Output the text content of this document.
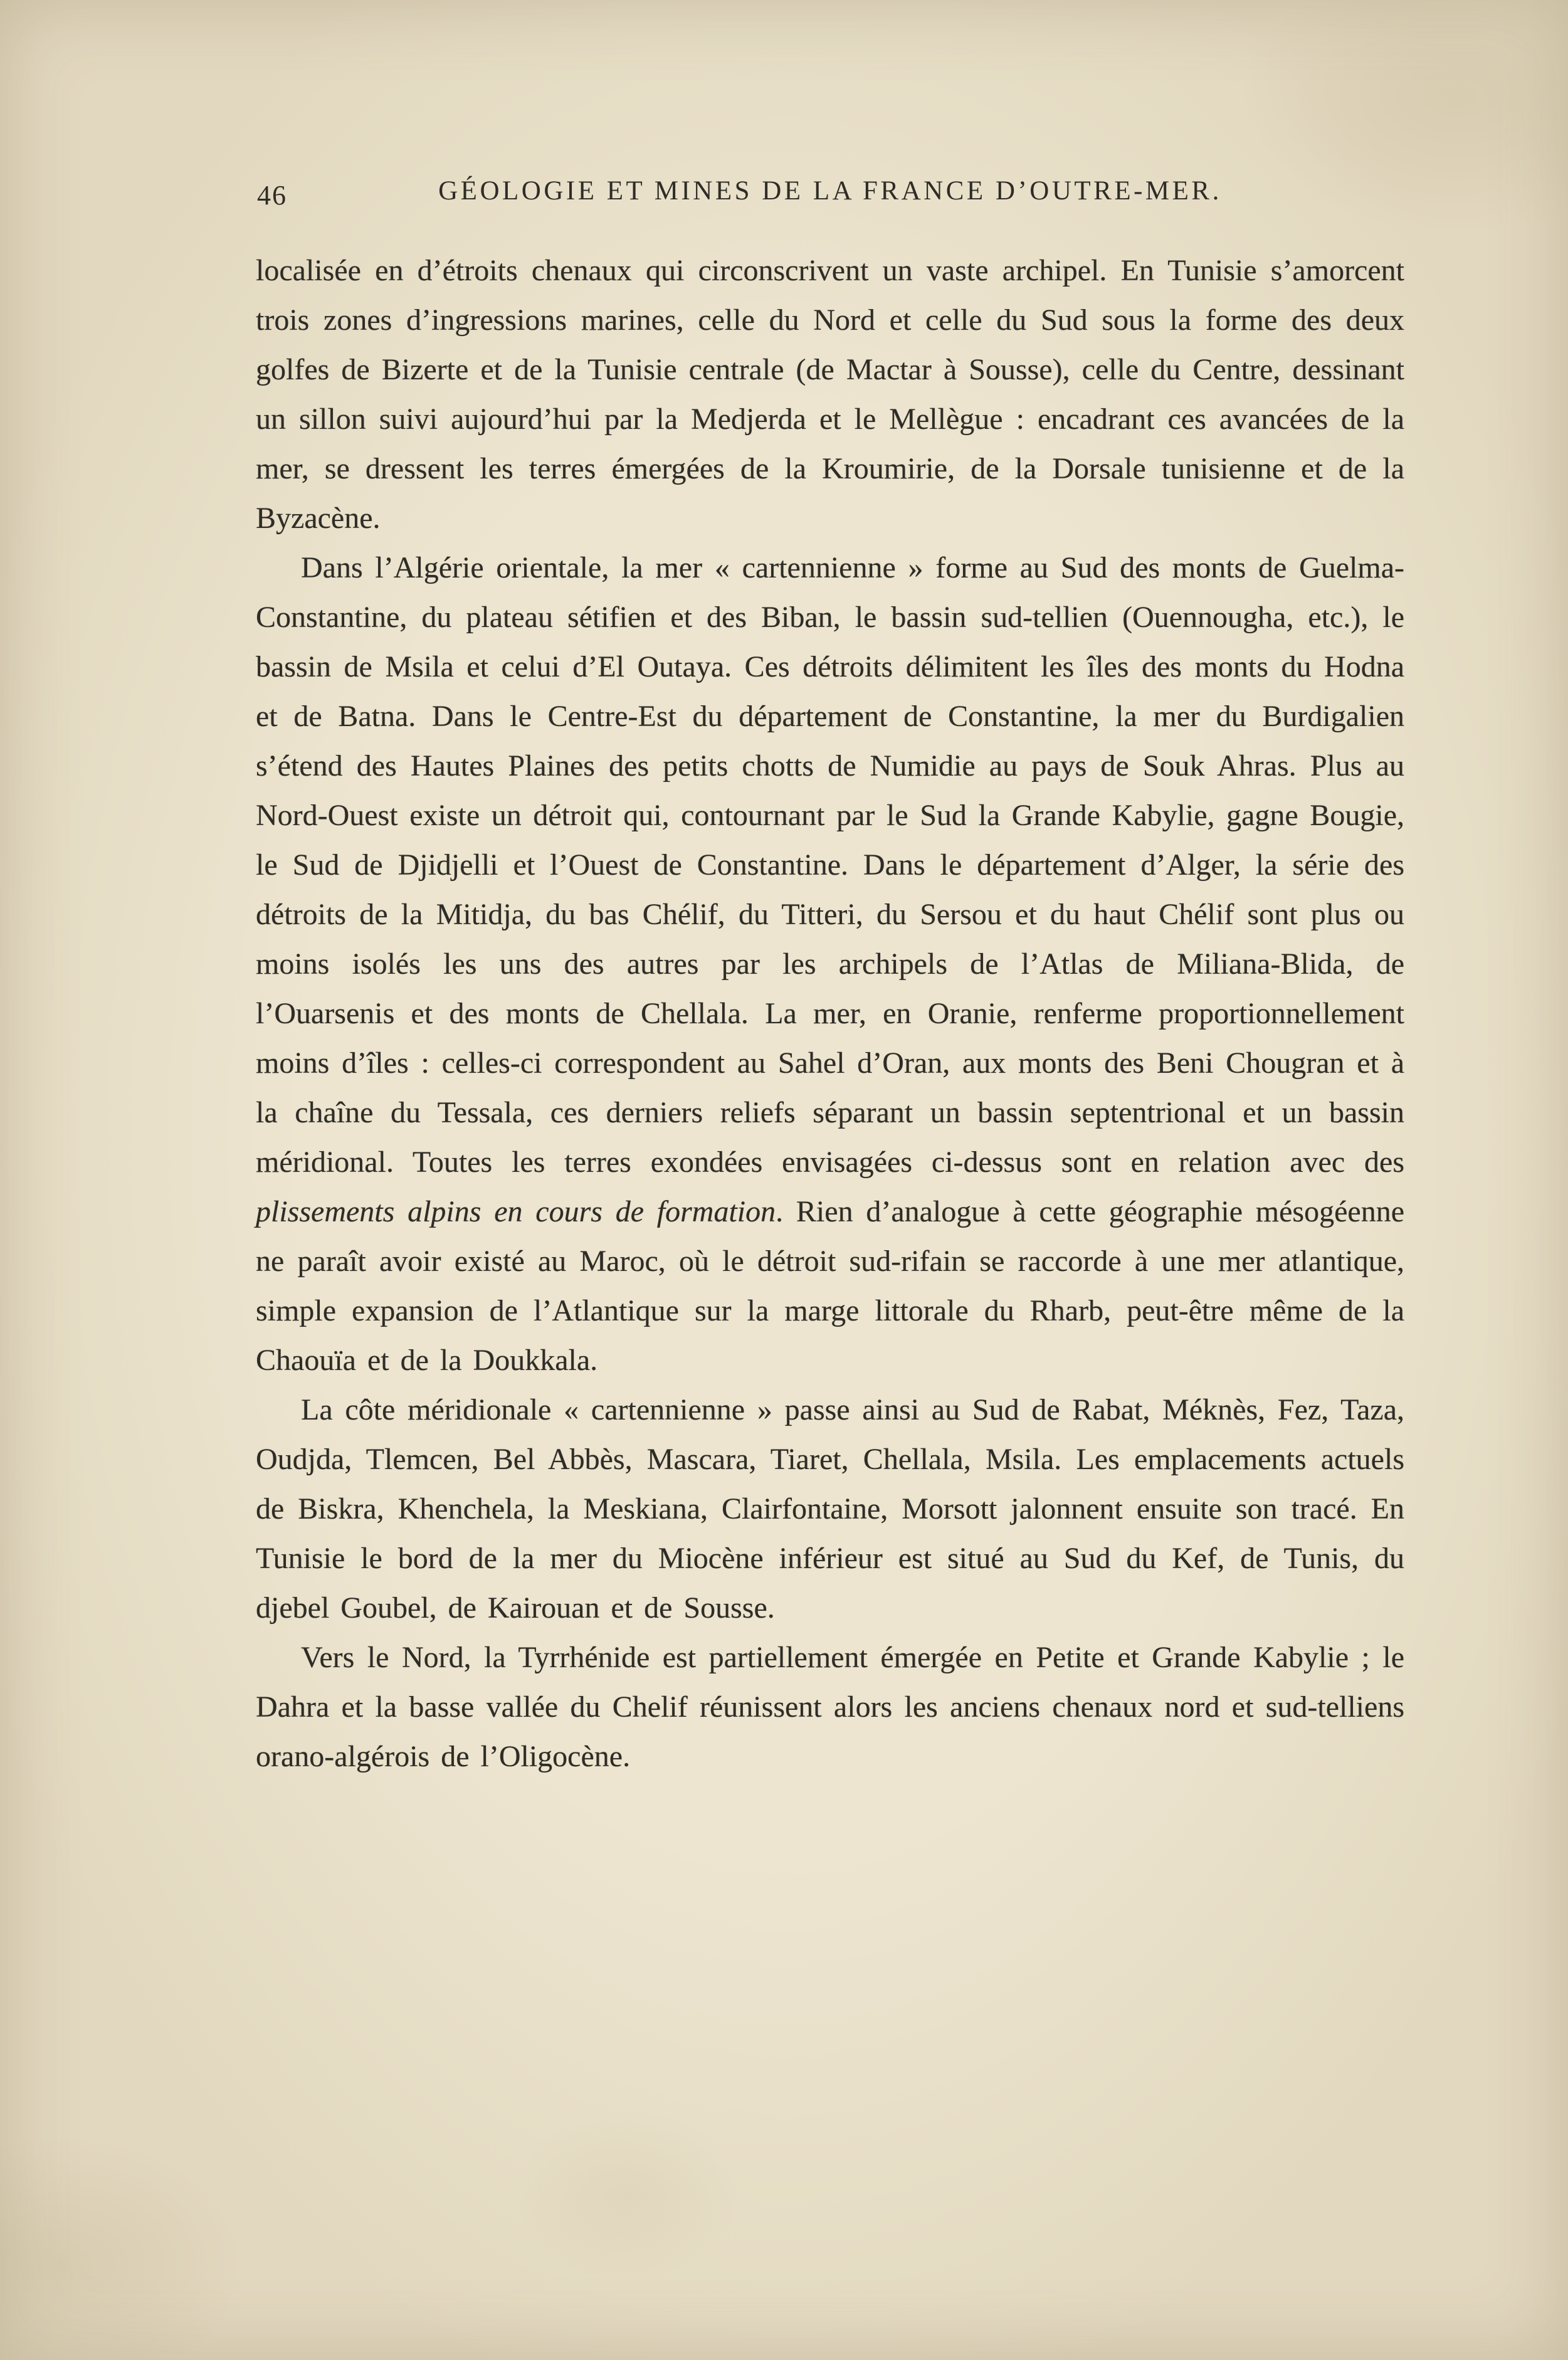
46	GÉOLOGIE ET MINES DE LA FRANCE D’OUTRE-MER.

localisée en d’étroits chenaux qui circonscrivent un vaste archipel. En Tunisie s’amorcent trois zones d’ingressions marines, celle du Nord et celle du Sud sous la forme des deux golfes de Bizerte et de la Tunisie centrale (de Mactar à Sousse), celle du Centre, dessinant un sillon suivi aujourd’hui par la Medjerda et le Mellègue : encadrant ces avancées de la mer, se dressent les terres émergées de la Kroumirie, de la Dorsale tunisienne et de la Byzacène.

Dans l’Algérie orientale, la mer « cartennienne » forme au Sud des monts de Guelma-Constantine, du plateau sétifien et des Biban, le bassin sud-tellien (Ouennougha, etc.), le bassin de Msila et celui d’El Outaya. Ces détroits délimitent les îles des monts du Hodna et de Batna. Dans le Centre-Est du département de Constantine, la mer du Burdigalien s’étend des Hautes Plaines des petits chotts de Numidie au pays de Souk Ahras. Plus au Nord-Ouest existe un détroit qui, contournant par le Sud la Grande Kabylie, gagne Bougie, le Sud de Djidjelli et l’Ouest de Constantine. Dans le département d’Alger, la série des détroits de la Mitidja, du bas Chélif, du Titteri, du Sersou et du haut Chélif sont plus ou moins isolés les uns des autres par les archipels de l’Atlas de Miliana-Blida, de l’Ouarsenis et des monts de Chellala. La mer, en Oranie, renferme proportionnellement moins d’îles : celles-ci correspondent au Sahel d’Oran, aux monts des Beni Chougran et à la chaîne du Tessala, ces derniers reliefs séparant un bassin septentrional et un bassin méridional. Toutes les terres exondées envisagées ci-dessus sont en relation avec des plissements alpins en cours de formation. Rien d’analogue à cette géographie mésogéenne ne paraît avoir existé au Maroc, où le détroit sud-rifain se raccorde à une mer atlantique, simple expansion de l’Atlantique sur la marge littorale du Rharb, peut-être même de la Chaouïa et de la Doukkala.

La côte méridionale « cartennienne » passe ainsi au Sud de Rabat, Méknès, Fez, Taza, Oudjda, Tlemcen, Bel Abbès, Mascara, Tiaret, Chellala, Msila. Les emplacements actuels de Biskra, Khenchela, la Meskiana, Clairfontaine, Morsott jalonnent ensuite son tracé. En Tunisie le bord de la mer du Miocène inférieur est situé au Sud du Kef, de Tunis, du djebel Goubel, de Kairouan et de Sousse.

Vers le Nord, la Tyrrhénide est partiellement émergée en Petite et Grande Kabylie ; le Dahra et la basse vallée du Chelif réunissent alors les anciens chenaux nord et sud-telliens orano-algérois de l’Oligocène.
